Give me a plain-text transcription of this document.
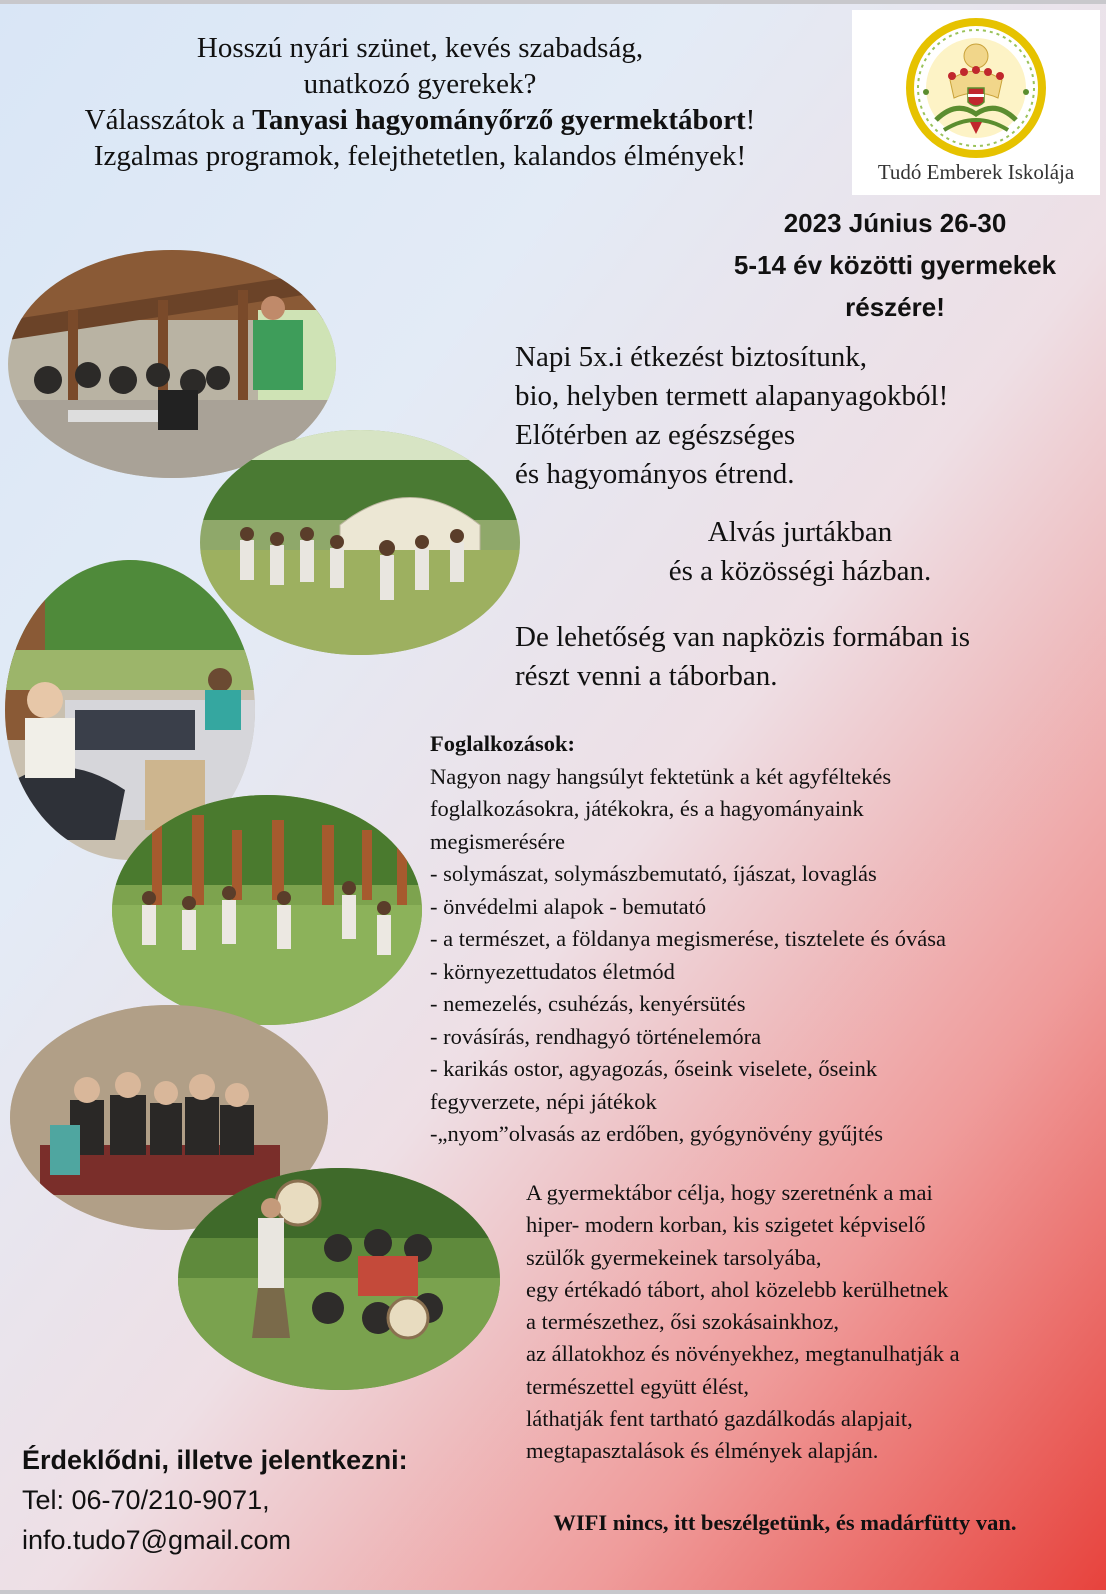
Hosszú nyári szünet, kevés szabadság,
unatkozó gyerekek?
Válasszátok a Tanyasi hagyományőrző gyermektábort!
Izgalmas programok, felejthetetlen, kalandos élmények!	Tudó Emberek Iskolája
2023 Június 26-30
5-14 év közötti gyermekek
részére!
Napi 5x.i étkezést biztosítunk,
bio, helyben termett alapanyagokból!
Előtérben az egészséges
és hagyományos étrend.
Alvás jurtákban
és a közösségi házban.
De lehetőség van napközis formában is
részt venni a táborban.
Foglalkozások:
Nagyon nagy hangsúlyt fektetünk a két agyféltekés
foglalkozásokra, játékokra, és a hagyományaink
megismerésére
- solymászat, solymászbemutató, íjászat, lovaglás
- önvédelmi alapok - bemutató
- a természet, a földanya megismerése, tisztelete és óvása
- környezettudatos életmód
- nemezelés, csuhézás, kenyérsütés
- rovásírás, rendhagyó történelemóra
- karikás ostor, agyagozás, őseink viselete, őseink
fegyverzete, népi játékok
-„nyom”olvasás az erdőben, gyógynövény gyűjtés
A gyermektábor célja, hogy szeretnénk a mai
hiper- modern korban, kis szigetet képviselő
szülők gyermekeinek tarsolyába,
egy értékadó tábort, ahol közelebb kerülhetnek
a természethez, ősi szokásainkhoz,
az állatokhoz és növényekhez, megtanulhatják a
természettel együtt élést,
láthatják fent tartható gazdálkodás alapjait,
megtapasztalások és élmények alapján.
Érdeklődni, illetve jelentkezni:
Tel: 06-70/210-9071,
info.tudo7@gmail.com
WIFI nincs, itt beszélgetünk, és madárfütty van.
